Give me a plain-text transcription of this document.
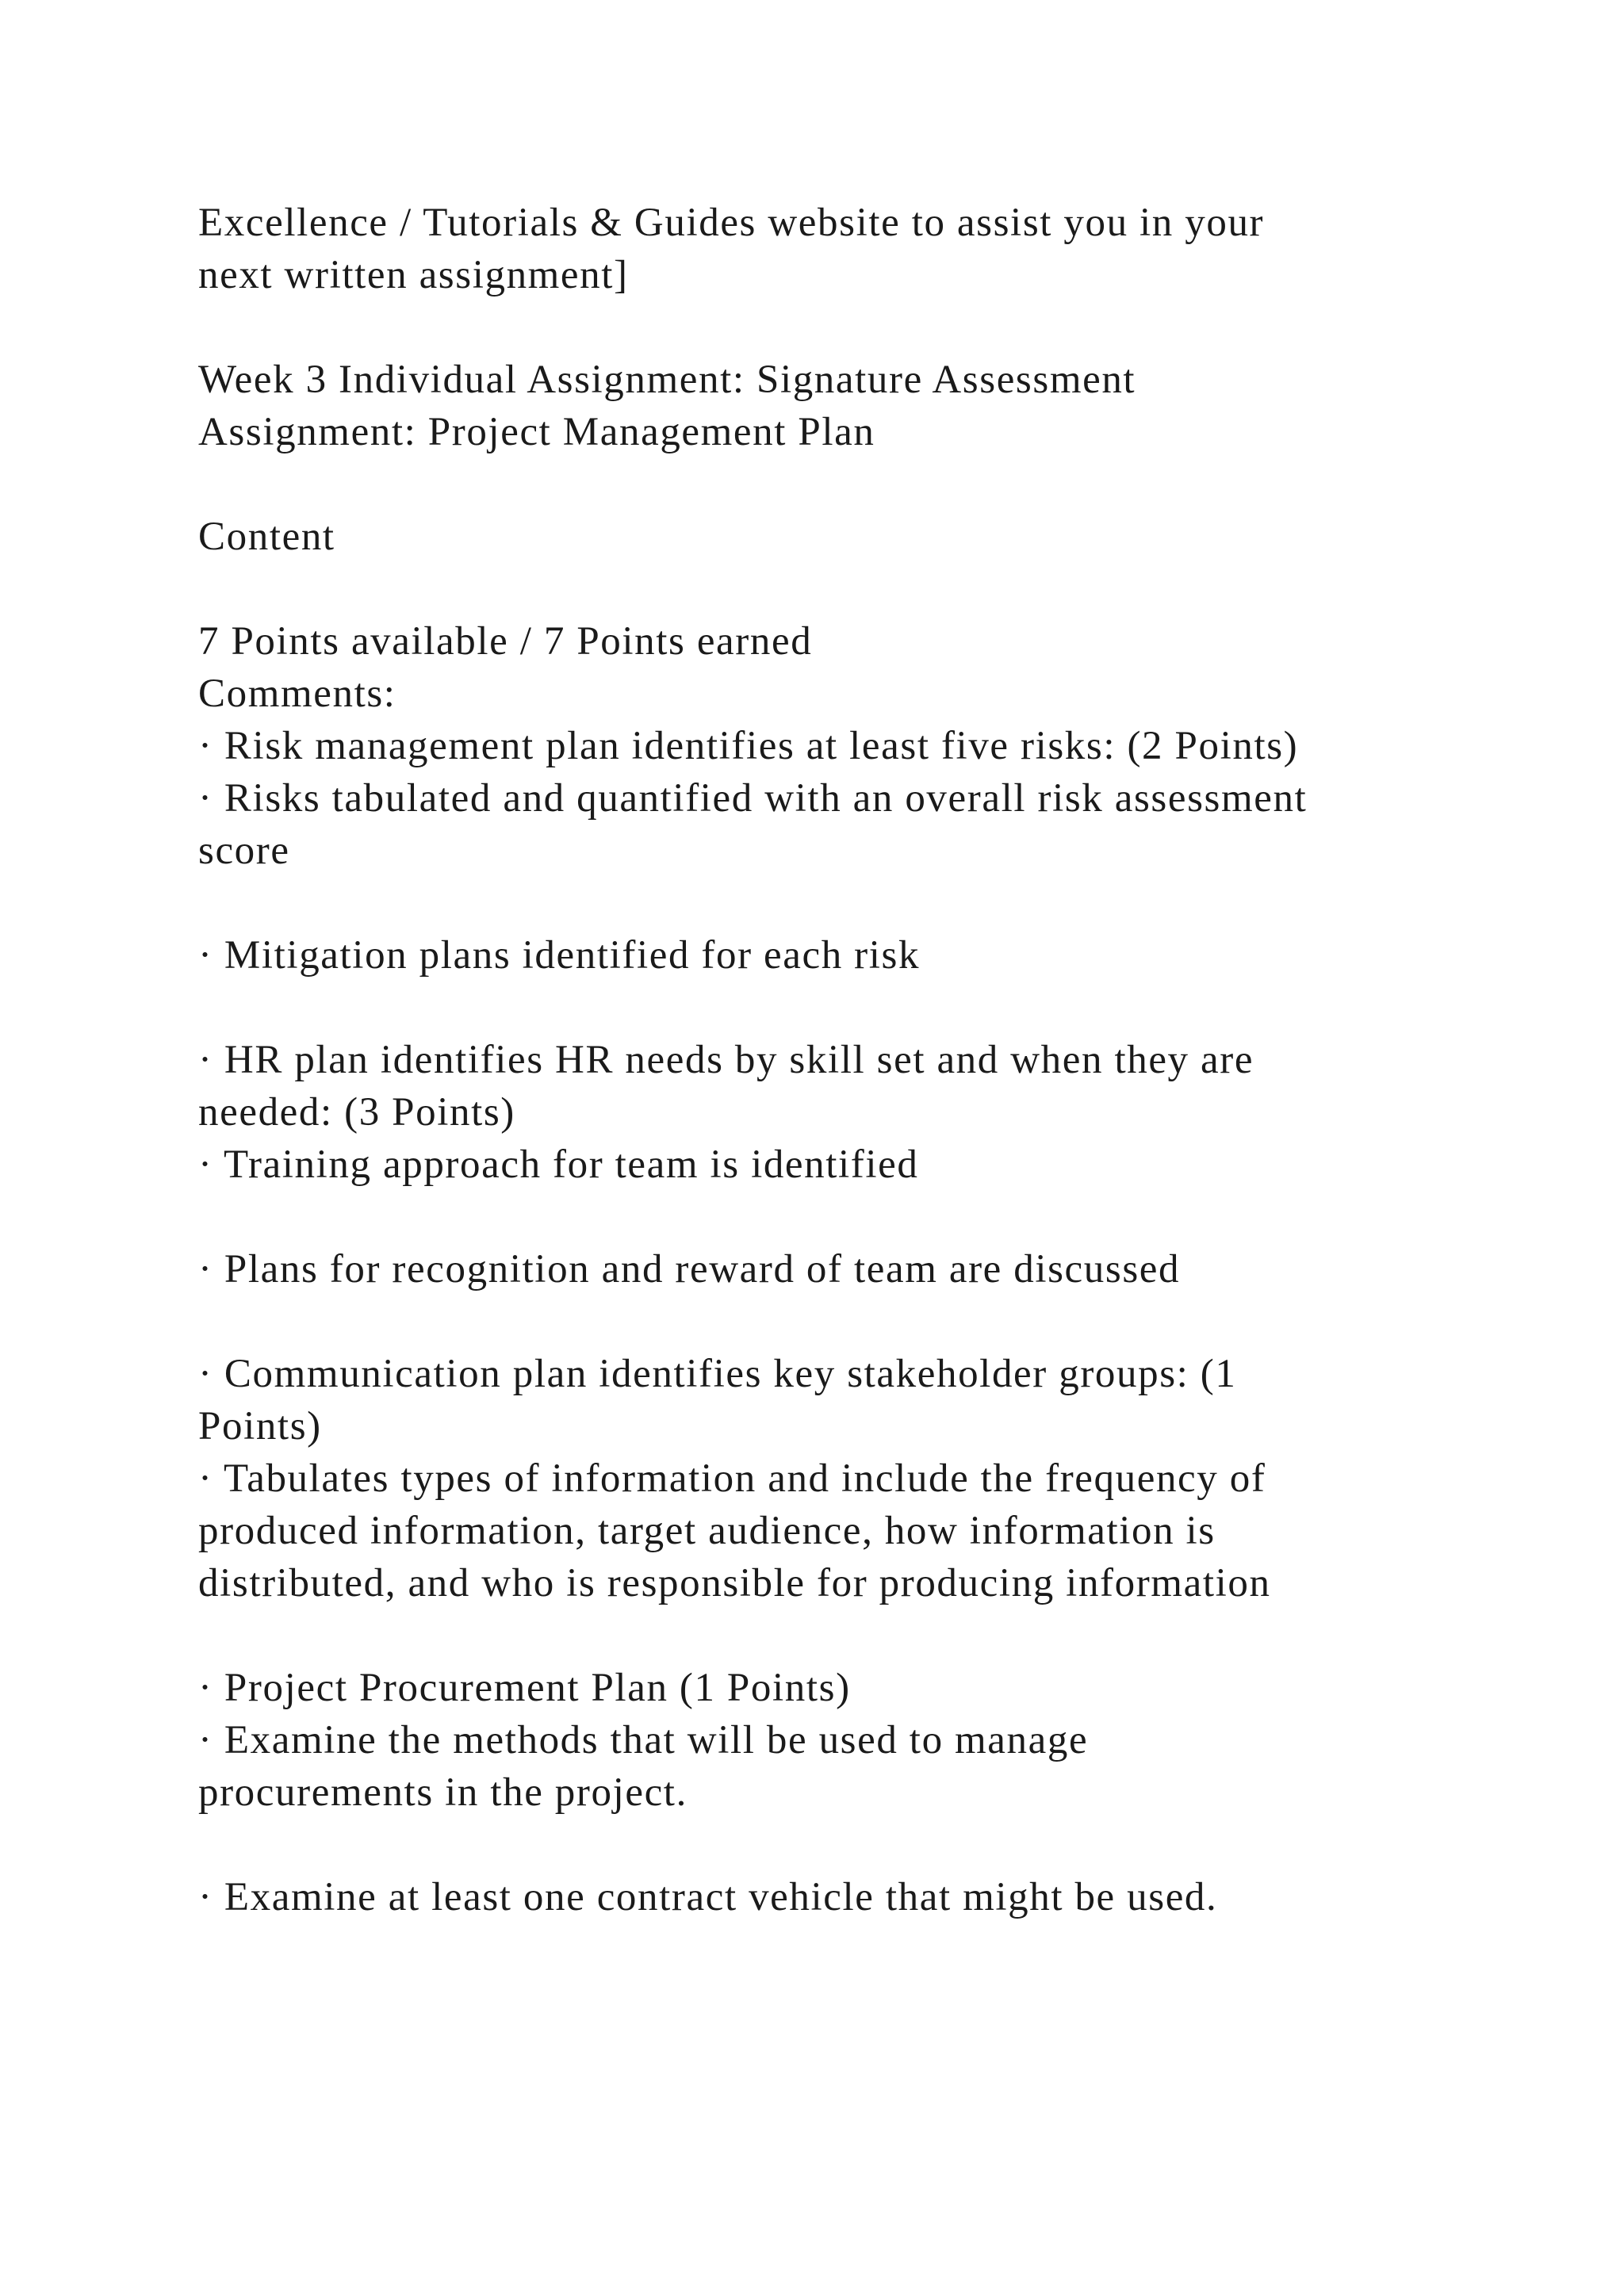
Excellence / Tutorials & Guides website to assist you in your
next written assignment]

Week 3 Individual Assignment: Signature Assessment
Assignment: Project Management Plan

Content

7 Points available / 7 Points earned
Comments:
· Risk management plan identifies at least five risks: (2 Points)
· Risks tabulated and quantified with an overall risk assessment
score

· Mitigation plans identified for each risk

· HR plan identifies HR needs by skill set and when they are
needed: (3 Points)
· Training approach for team is identified

· Plans for recognition and reward of team are discussed

· Communication plan identifies key stakeholder groups: (1
Points)
· Tabulates types of information and include the frequency of
produced information, target audience, how information is
distributed, and who is responsible for producing information

· Project Procurement Plan (1 Points)
· Examine the methods that will be used to manage
procurements in the project.

· Examine at least one contract vehicle that might be used.
